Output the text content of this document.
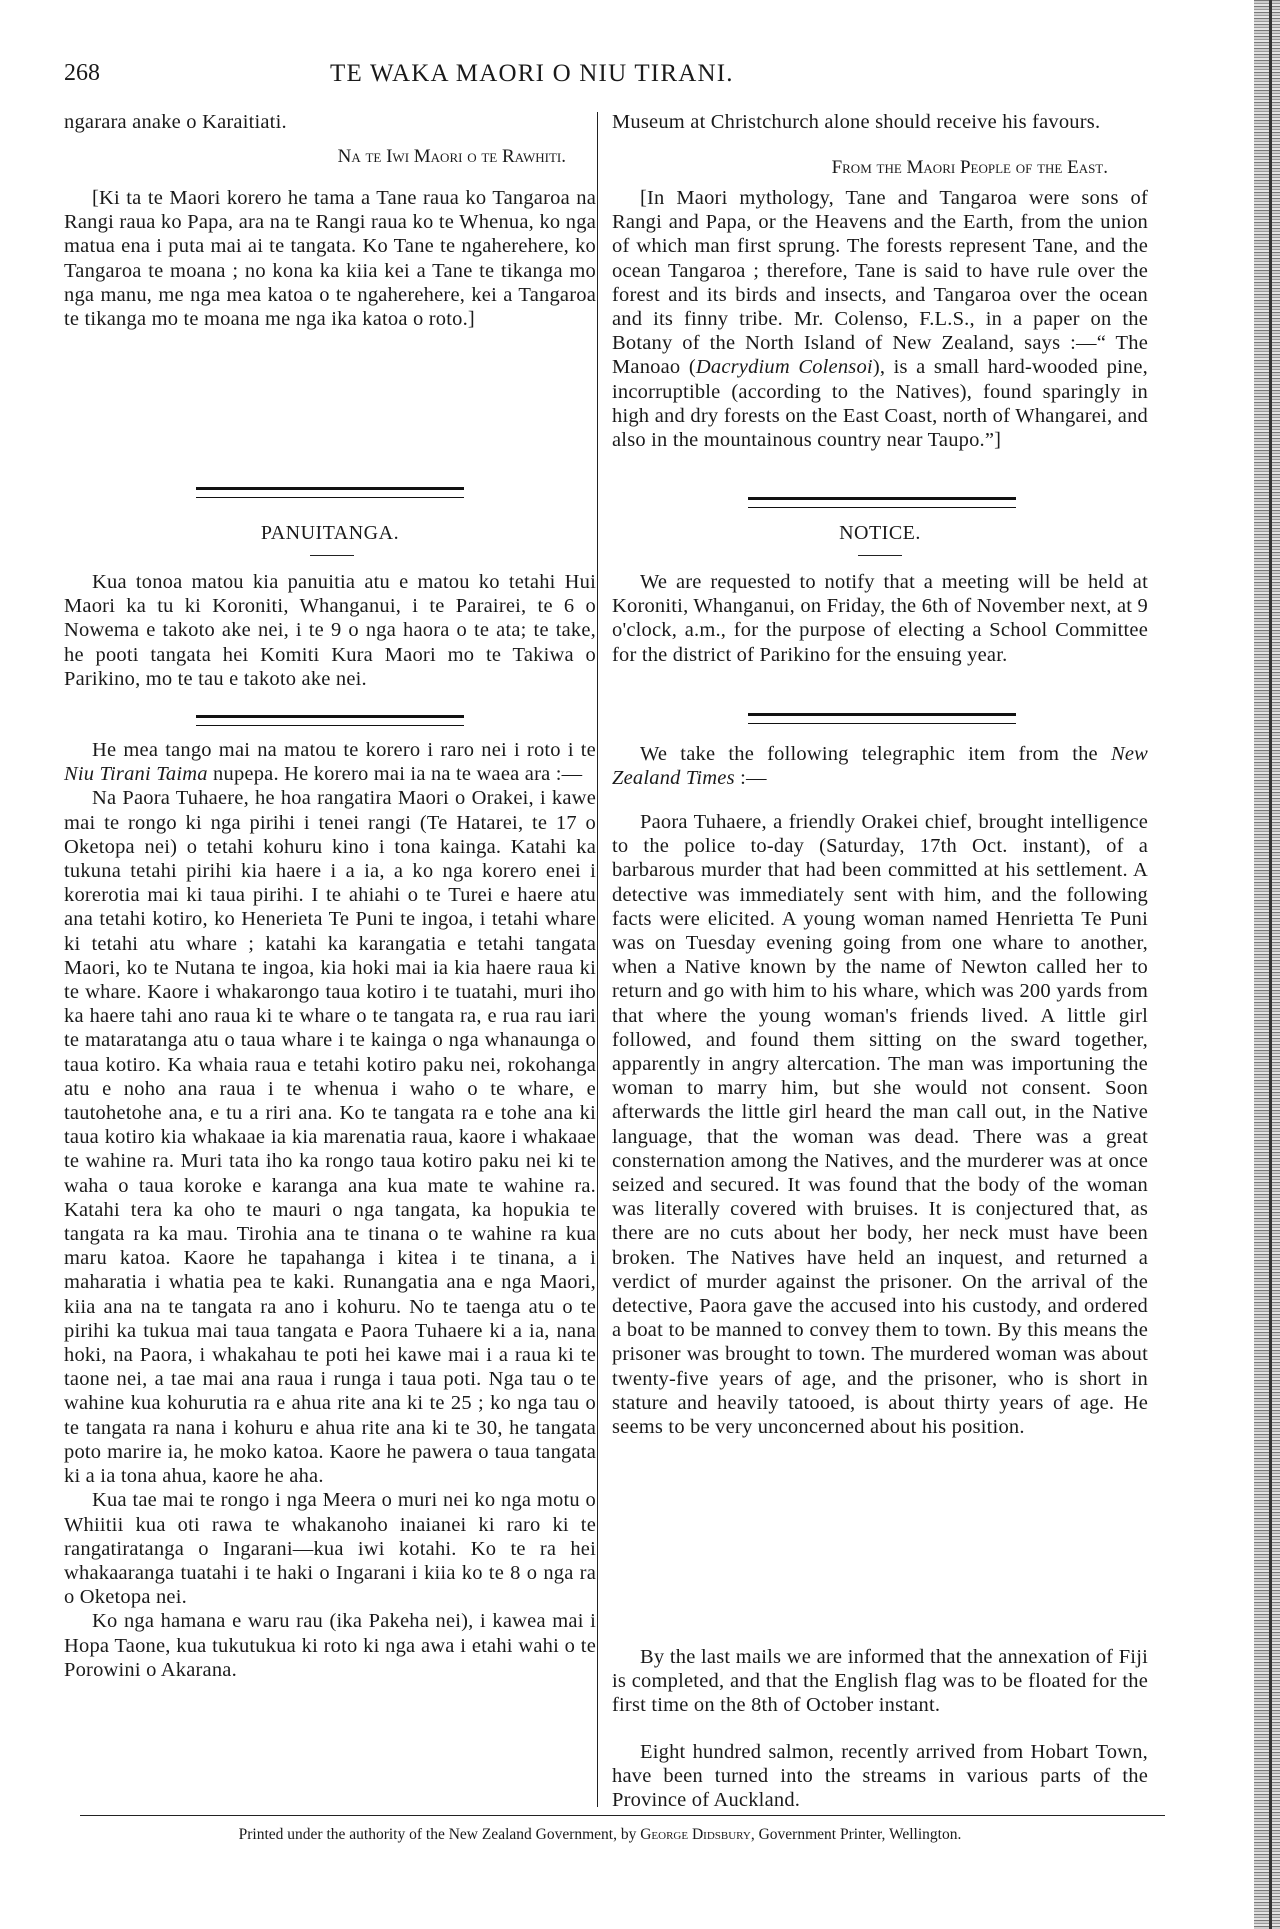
268	TE WAKA MAORI O NIU TIRANI.

ngarara anake o Karaitiati.

Na te Iwi Maori o te Rawhiti.

[Ki ta te Maori korero he tama a Tane raua ko Tangaroa na Rangi raua ko Papa, ara na te Rangi raua ko te Whenua, ko nga matua ena i puta mai ai te tangata. Ko Tane te ngaherehere, ko Tangaroa te moana ; no kona ka kiia kei a Tane te tikanga mo nga manu, me nga mea katoa o te ngaherehere, kei a Tangaroa te tikanga mo te moana me nga ika katoa o roto.]

PANUITANGA.

Kua tonoa matou kia panuitia atu e matou ko tetahi Hui Maori ka tu ki Koroniti, Whanganui, i te Parairei, te 6 o Nowema e takoto ake nei, i te 9 o nga haora o te ata; te take, he pooti tangata hei Komiti Kura Maori mo te Takiwa o Parikino, mo te tau e takoto ake nei.

He mea tango mai na matou te korero i raro nei i roto i te Niu Tirani Taima nupepa. He korero mai ia na te waea ara :—

Na Paora Tuhaere, he hoa rangatira Maori o Orakei, i kawe mai te rongo ki nga pirihi i tenei rangi (Te Hatarei, te 17 o Oketopa nei) o tetahi kohuru kino i tona kainga. Katahi ka tukuna tetahi pirihi kia haere i a ia, a ko nga korero enei i korerotia mai ki taua pirihi. I te ahiahi o te Turei e haere atu ana tetahi kotiro, ko Henerieta Te Puni te ingoa, i tetahi whare ki tetahi atu whare ; katahi ka karangatia e tetahi tangata Maori, ko te Nutana te ingoa, kia hoki mai ia kia haere raua ki te whare. Kaore i whakarongo taua kotiro i te tuatahi, muri iho ka haere tahi ano raua ki te whare o te tangata ra, e rua rau iari te mataratanga atu o taua whare i te kainga o nga whanaunga o taua kotiro. Ka whaia raua e tetahi kotiro paku nei, rokohanga atu e noho ana raua i te whenua i waho o te whare, e tautohetohe ana, e tu a riri ana. Ko te tangata ra e tohe ana ki taua kotiro kia whakaae ia kia marenatia raua, kaore i whakaae te wahine ra. Muri tata iho ka rongo taua kotiro paku nei ki te waha o taua koroke e karanga ana kua mate te wahine ra. Katahi tera ka oho te mauri o nga tangata, ka hopukia te tangata ra ka mau. Tirohia ana te tinana o te wahine ra kua maru katoa. Kaore he tapahanga i kitea i te tinana, a i maharatia i whatia pea te kaki. Runangatia ana e nga Maori, kiia ana na te tangata ra ano i kohuru. No te taenga atu o te pirihi ka tukua mai taua tangata e Paora Tuhaere ki a ia, nana hoki, na Paora, i whakahau te poti hei kawe mai i a raua ki te taone nei, a tae mai ana raua i runga i taua poti. Nga tau o te wahine kua kohurutia ra e ahua rite ana ki te 25 ; ko nga tau o te tangata ra nana i kohuru e ahua rite ana ki te 30, he tangata poto marire ia, he moko katoa. Kaore he pawera o taua tangata ki a ia tona ahua, kaore he aha.

Kua tae mai te rongo i nga Meera o muri nei ko nga motu o Whiitii kua oti rawa te whakanoho inaianei ki raro ki te rangatiratanga o Ingarani—kua iwi kotahi. Ko te ra hei whakaaranga tuatahi i te haki o Ingarani i kiia ko te 8 o nga ra o Oketopa nei.

Ko nga hamana e waru rau (ika Pakeha nei), i kawea mai i Hopa Taone, kua tukutukua ki roto ki nga awa i etahi wahi o te Porowini o Akarana.

Museum at Christchurch alone should receive his favours.

From the Maori People of the East.

[In Maori mythology, Tane and Tangaroa were sons of Rangi and Papa, or the Heavens and the Earth, from the union of which man first sprung. The forests represent Tane, and the ocean Tangaroa ; therefore, Tane is said to have rule over the forest and its birds and insects, and Tangaroa over the ocean and its finny tribe. Mr. Colenso, F.L.S., in a paper on the Botany of the North Island of New Zealand, says :—“ The Manoao (Dacrydium Colensoi), is a small hard-wooded pine, incorruptible (according to the Natives), found sparingly in high and dry forests on the East Coast, north of Whangarei, and also in the mountainous country near Taupo.”]

NOTICE.

We are requested to notify that a meeting will be held at Koroniti, Whanganui, on Friday, the 6th of November next, at 9 o'clock, a.m., for the purpose of electing a School Committee for the district of Parikino for the ensuing year.

We take the following telegraphic item from the New Zealand Times :—

Paora Tuhaere, a friendly Orakei chief, brought intelligence to the police to-day (Saturday, 17th Oct. instant), of a barbarous murder that had been committed at his settlement. A detective was immediately sent with him, and the following facts were elicited. A young woman named Henrietta Te Puni was on Tuesday evening going from one whare to another, when a Native known by the name of Newton called her to return and go with him to his whare, which was 200 yards from that where the young woman's friends lived. A little girl followed, and found them sitting on the sward together, apparently in angry altercation. The man was importuning the woman to marry him, but she would not consent. Soon afterwards the little girl heard the man call out, in the Native language, that the woman was dead. There was a great consternation among the Natives, and the murderer was at once seized and secured. It was found that the body of the woman was literally covered with bruises. It is conjectured that, as there are no cuts about her body, her neck must have been broken. The Natives have held an inquest, and returned a verdict of murder against the prisoner. On the arrival of the detective, Paora gave the accused into his custody, and ordered a boat to be manned to convey them to town. By this means the prisoner was brought to town. The murdered woman was about twenty-five years of age, and the prisoner, who is short in stature and heavily tatooed, is about thirty years of age. He seems to be very unconcerned about his position.

By the last mails we are informed that the annexation of Fiji is completed, and that the English flag was to be floated for the first time on the 8th of October instant.

Eight hundred salmon, recently arrived from Hobart Town, have been turned into the streams in various parts of the Province of Auckland.

Printed under the authority of the New Zealand Government, by George Didsbury, Government Printer, Wellington.
